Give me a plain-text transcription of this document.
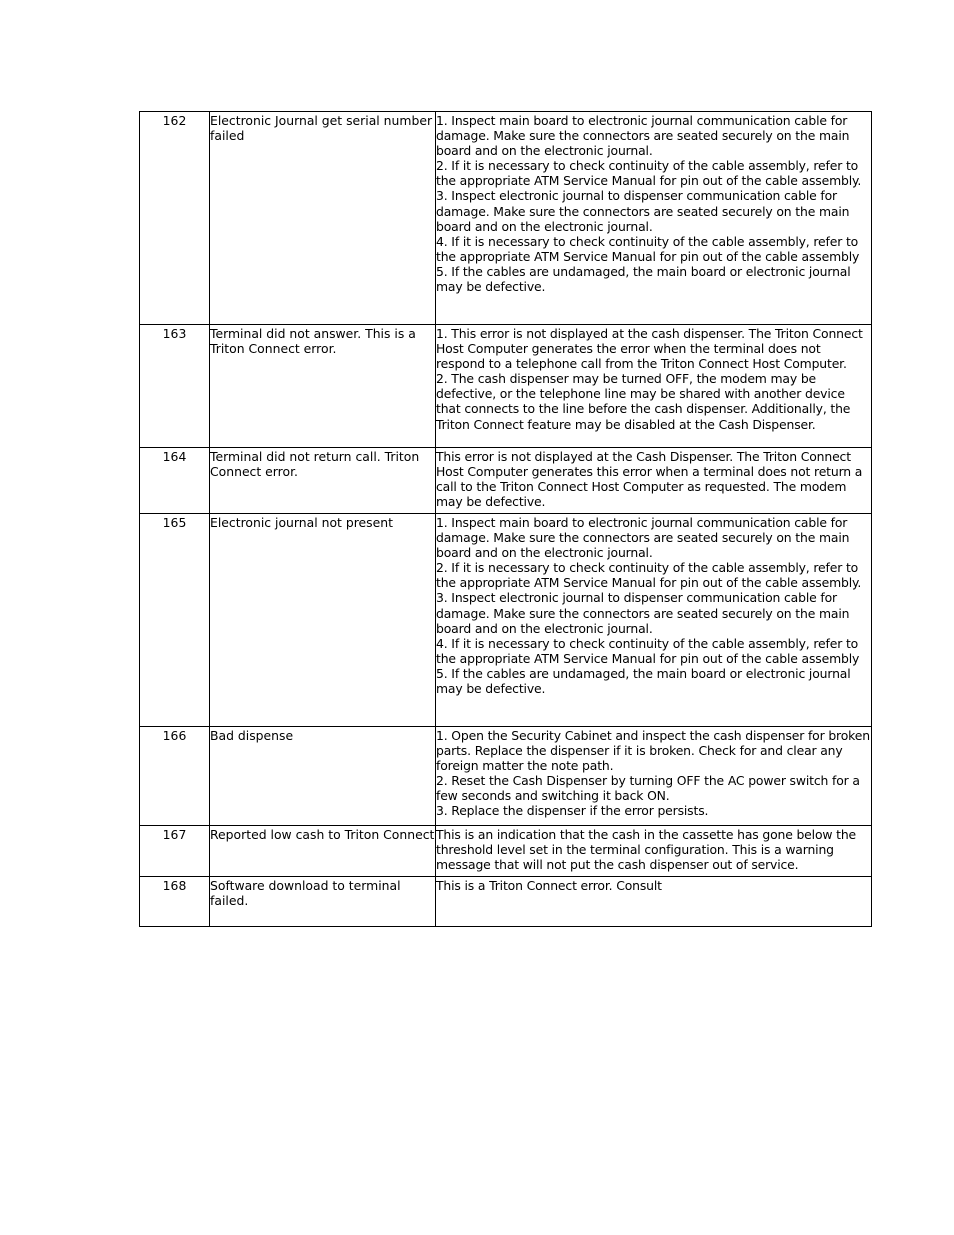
162	Electronic Journal get serial number failed	1. Inspect main board to electronic journal communication cable for damage. Make sure the connectors are seated securely on the main board and on the electronic journal.
2. If it is necessary to check continuity of the cable assembly, refer to the appropriate ATM Service Manual for pin out of the cable assembly.
3. Inspect electronic journal to dispenser communication cable for damage. Make sure the connectors are seated securely on the main board and on the electronic journal.
4. If it is necessary to check continuity of the cable assembly, refer to the appropriate ATM Service Manual for pin out of the cable assembly
5. If the cables are undamaged, the main board or electronic journal may be defective.

163	Terminal did not answer. This is a Triton Connect error.	1. This error is not displayed at the cash dispenser. The Triton Connect Host Computer generates the error when the terminal does not respond to a telephone call from the Triton Connect Host Computer.
2. The cash dispenser may be turned OFF, the modem may be defective, or the telephone line may be shared with another device that connects to the line before the cash dispenser. Additionally, the Triton Connect feature may be disabled at the Cash Dispenser.

164	Terminal did not return call. Triton Connect error.	This error is not displayed at the Cash Dispenser. The Triton Connect Host Computer generates this error when a terminal does not return a call to the Triton Connect Host Computer as requested. The modem may be defective.

165	Electronic journal not present	1. Inspect main board to electronic journal communication cable for damage. Make sure the connectors are seated securely on the main board and on the electronic journal.
2. If it is necessary to check continuity of the cable assembly, refer to the appropriate ATM Service Manual for pin out of the cable assembly.
3. Inspect electronic journal to dispenser communication cable for damage. Make sure the connectors are seated securely on the main board and on the electronic journal.
4. If it is necessary to check continuity of the cable assembly, refer to the appropriate ATM Service Manual for pin out of the cable assembly
5. If the cables are undamaged, the main board or electronic journal may be defective.

166	Bad dispense	1. Open the Security Cabinet and inspect the cash dispenser for broken parts. Replace the dispenser if it is broken. Check for and clear any foreign matter the note path.
2. Reset the Cash Dispenser by turning OFF the AC power switch for a few seconds and switching it back ON.
3. Replace the dispenser if the error persists.

167	Reported low cash to Triton Connect	This is an indication that the cash in the cassette has gone below the threshold level set in the terminal configuration. This is a warning message that will not put the cash dispenser out of service.

168	Software download to terminal failed.	This is a Triton Connect error. Consult
